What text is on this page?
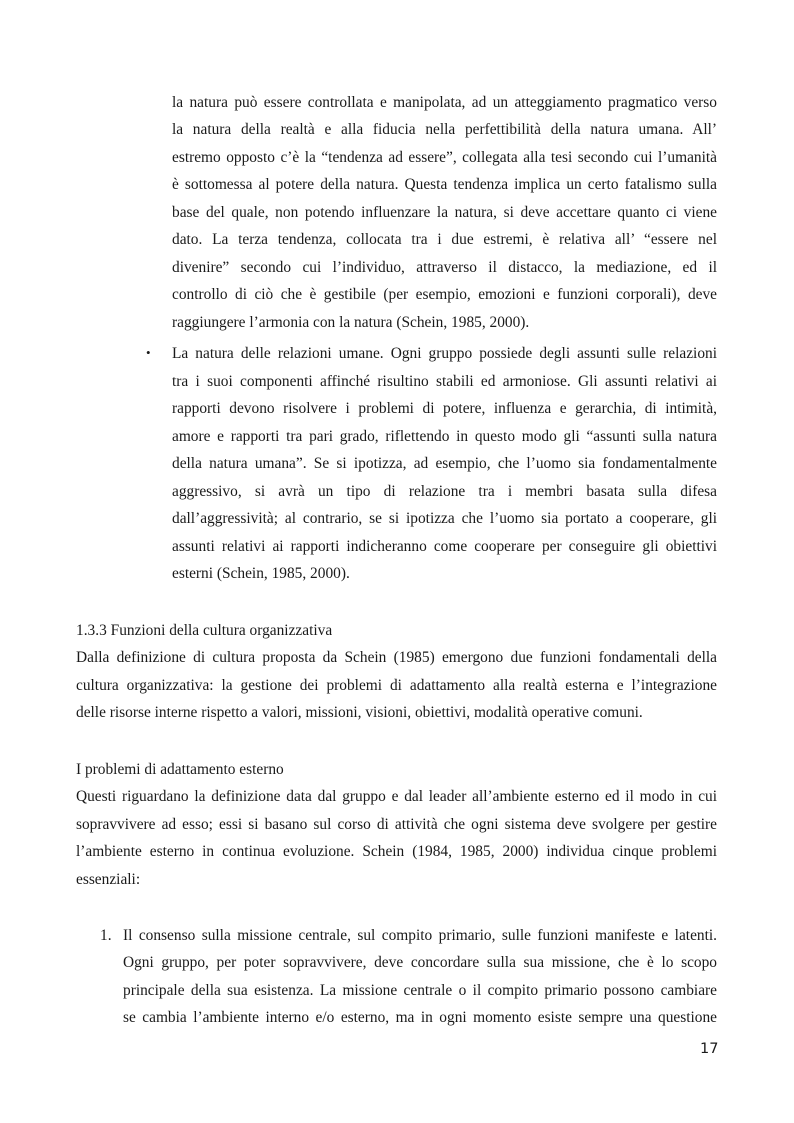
la natura può essere controllata e manipolata, ad un atteggiamento pragmatico verso
la natura della realtà e alla fiducia nella perfettibilità della natura umana. All’
estremo opposto c’è la “tendenza ad essere”, collegata alla tesi secondo cui l’umanità
è sottomessa al potere della natura. Questa tendenza implica un certo fatalismo sulla
base del quale, non potendo influenzare la natura, si deve accettare quanto ci viene
dato. La terza tendenza, collocata tra i due estremi, è relativa all’ “essere nel
divenire” secondo cui l’individuo, attraverso il distacco, la mediazione, ed il
controllo di ciò che è gestibile (per esempio, emozioni e funzioni corporali), deve
raggiungere l’armonia con la natura (Schein, 1985, 2000).
• La natura delle relazioni umane. Ogni gruppo possiede degli assunti sulle relazioni
tra i suoi componenti affinché risultino stabili ed armoniose. Gli assunti relativi ai
rapporti devono risolvere i problemi di potere, influenza e gerarchia, di intimità,
amore e rapporti tra pari grado, riflettendo in questo modo gli “assunti sulla natura
della natura umana”. Se si ipotizza, ad esempio, che l’uomo sia fondamentalmente
aggressivo, si avrà un tipo di relazione tra i membri basata sulla difesa
dall’aggressività; al contrario, se si ipotizza che l’uomo sia portato a cooperare, gli
assunti relativi ai rapporti indicheranno come cooperare per conseguire gli obiettivi
esterni (Schein, 1985, 2000).
1.3.3 Funzioni della cultura organizzativa
Dalla definizione di cultura proposta da Schein (1985) emergono due funzioni fondamentali della
cultura organizzativa: la gestione dei problemi di adattamento alla realtà esterna e l’integrazione
delle risorse interne rispetto a valori, missioni, visioni, obiettivi, modalità operative comuni.
I problemi di adattamento esterno
Questi riguardano la definizione data dal gruppo e dal leader all’ambiente esterno ed il modo in cui
sopravvivere ad esso; essi si basano sul corso di attività che ogni sistema deve svolgere per gestire
l’ambiente esterno in continua evoluzione. Schein (1984, 1985, 2000) individua cinque problemi
essenziali:
1. Il consenso sulla missione centrale, sul compito primario, sulle funzioni manifeste e latenti.
Ogni gruppo, per poter sopravvivere, deve concordare sulla sua missione, che è lo scopo
principale della sua esistenza. La missione centrale o il compito primario possono cambiare
se cambia l’ambiente interno e/o esterno, ma in ogni momento esiste sempre una questione
17
